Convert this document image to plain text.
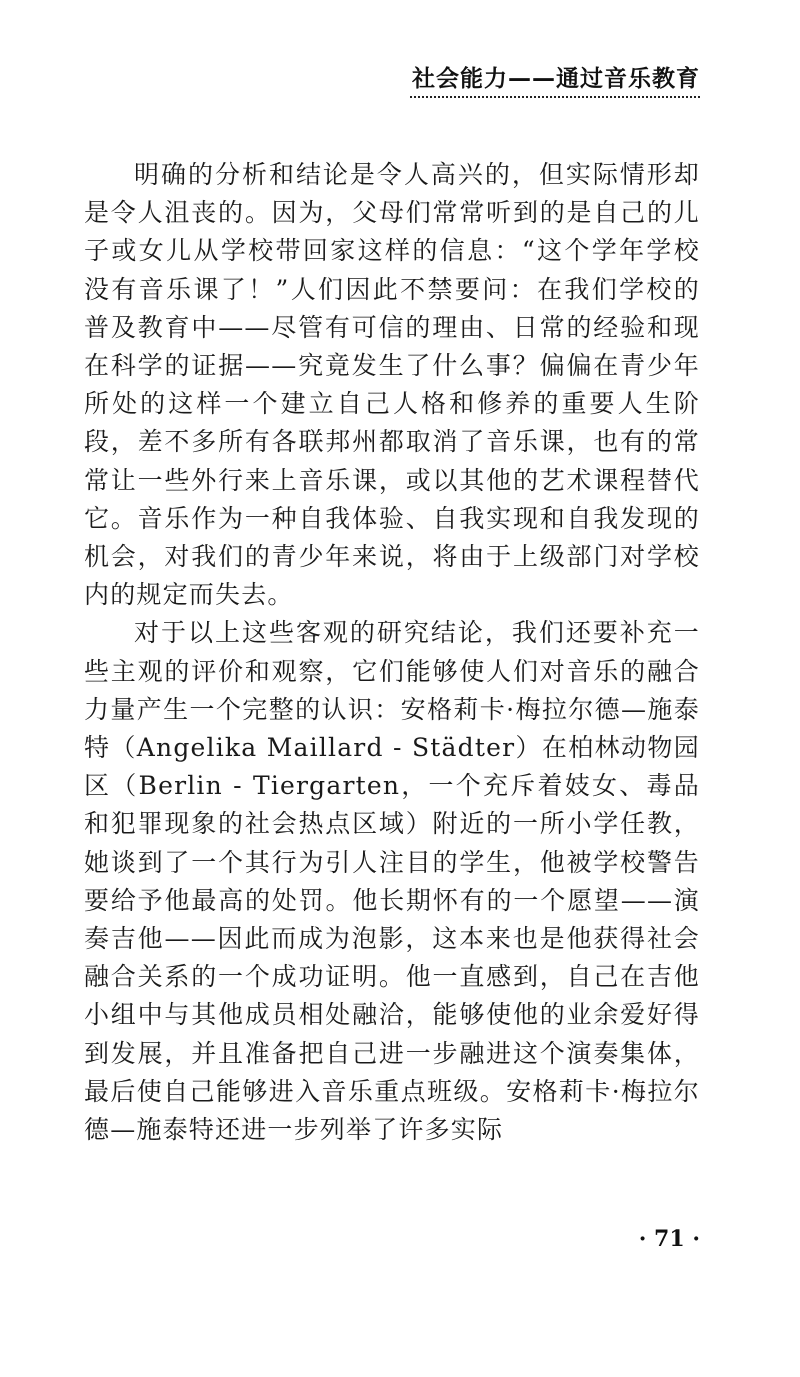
社会能力——通过音乐教育

明确的分析和结论是令人高兴的，但实际情形却是令人沮丧的。因为，父母们常常听到的是自己的儿子或女儿从学校带回家这样的信息：“这个学年学校没有音乐课了！”人们因此不禁要问：在我们学校的普及教育中——尽管有可信的理由、日常的经验和现在科学的证据——究竟发生了什么事？偏偏在青少年所处的这样一个建立自己人格和修养的重要人生阶段，差不多所有各联邦州都取消了音乐课，也有的常常让一些外行来上音乐课，或以其他的艺术课程替代它。音乐作为一种自我体验、自我实现和自我发现的机会，对我们的青少年来说，将由于上级部门对学校内的规定而失去。

对于以上这些客观的研究结论，我们还要补充一些主观的评价和观察，它们能够使人们对音乐的融合力量产生一个完整的认识：安格莉卡·梅拉尔德—施泰特（Angelika Maillard - Städter）在柏林动物园区（Berlin - Tiergarten，一个充斥着妓女、毒品和犯罪现象的社会热点区域）附近的一所小学任教，她谈到了一个其行为引人注目的学生，他被学校警告要给予他最高的处罚。他长期怀有的一个愿望——演奏吉他——因此而成为泡影，这本来也是他获得社会融合关系的一个成功证明。他一直感到，自己在吉他小组中与其他成员相处融洽，能够使他的业余爱好得到发展，并且准备把自己进一步融进这个演奏集体，最后使自己能够进入音乐重点班级。安格莉卡·梅拉尔德—施泰特还进一步列举了许多实际

· 71 ·
